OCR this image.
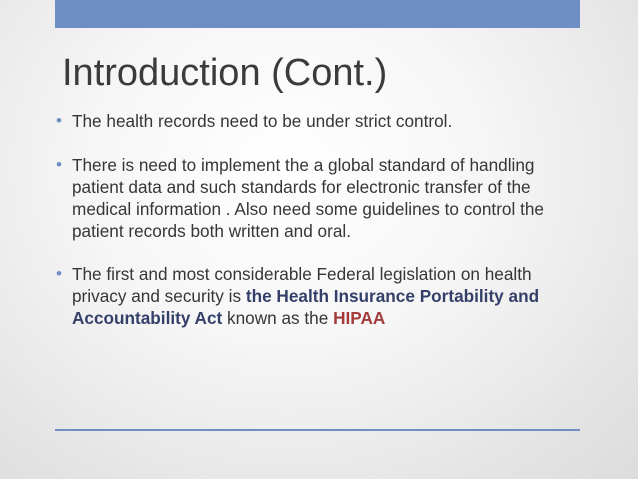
Introduction (Cont.)
• The health records need to be under strict control.
• There is need to implement the a global standard of handling patient data and such standards for electronic transfer of the medical information . Also need some guidelines to control the patient records both written and oral.
• The first and most considerable Federal legislation on health privacy and security is the Health Insurance Portability and Accountability Act known as the HIPAA
